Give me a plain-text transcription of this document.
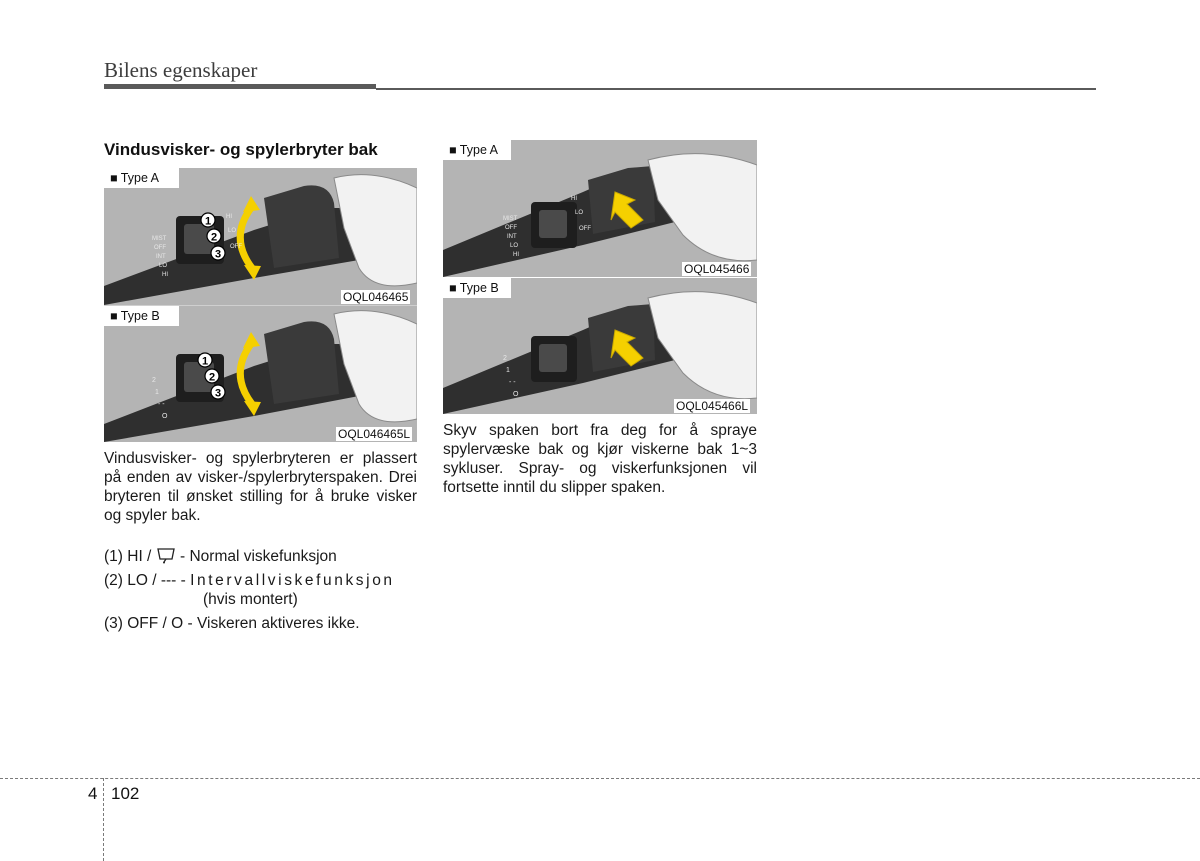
Bilens egenskaper
Vindusvisker- og spylerbryter bak
1
2
3
MIST
OFF
INT
LO
HI
HI
LO
OFF
■ Type A
OQL046465
1
2
3
2
1
- -
O
■ Type B
OQL046465L
MIST
OFF
INT
LO
HI
HI
LO
OFF
■ Type A
OQL045466
2
1
- -
O
■ Type B
OQL045466L
Vindusvisker- og spylerbryteren er plassert på enden av visker-/spylerbryterspaken. Drei bryteren til ønsket stilling for å bruke visker og spyler bak.
(1) HI / - Normal viskefunksjon
(2) LO / --- - Intervallviskefunksjon
(hvis montert)
(3) OFF / O - Viskeren aktiveres ikke.
Skyv spaken bort fra deg for å spraye spylervæske bak og kjør viskerne bak 1~3 sykluser. Spray- og viskerfunksjonen vil fortsette inntil du slipper spaken.
4 102
